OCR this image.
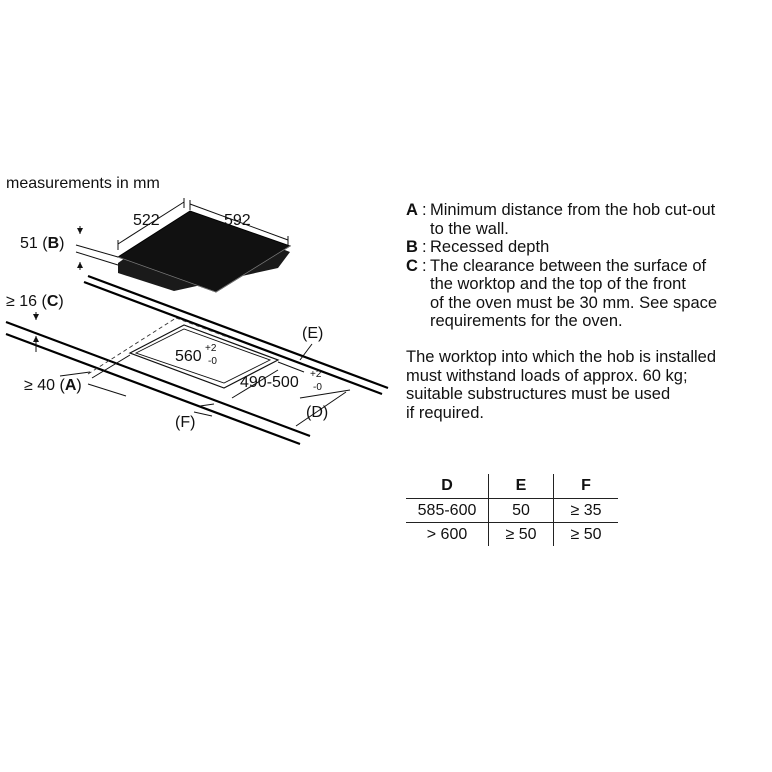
measurements in mm
522	592
51 (B)
≥ 16 (C)
≥ 40 (A)
560 +2
-0
490-500 +2
-0
(E)
(D)
(F)
A : Minimum distance from the hob cut-out
to the wall.
B : Recessed depth
C : The clearance between the surface of
the worktop and the top of the front
of the oven must be 30 mm. See space
requirements for the oven.
The worktop into which the hob is installed
must withstand loads of approx. 60 kg;
suitable substructures must be used
if required.
D	E	F
585-600	50	≥ 35
> 600	≥ 50	≥ 50
